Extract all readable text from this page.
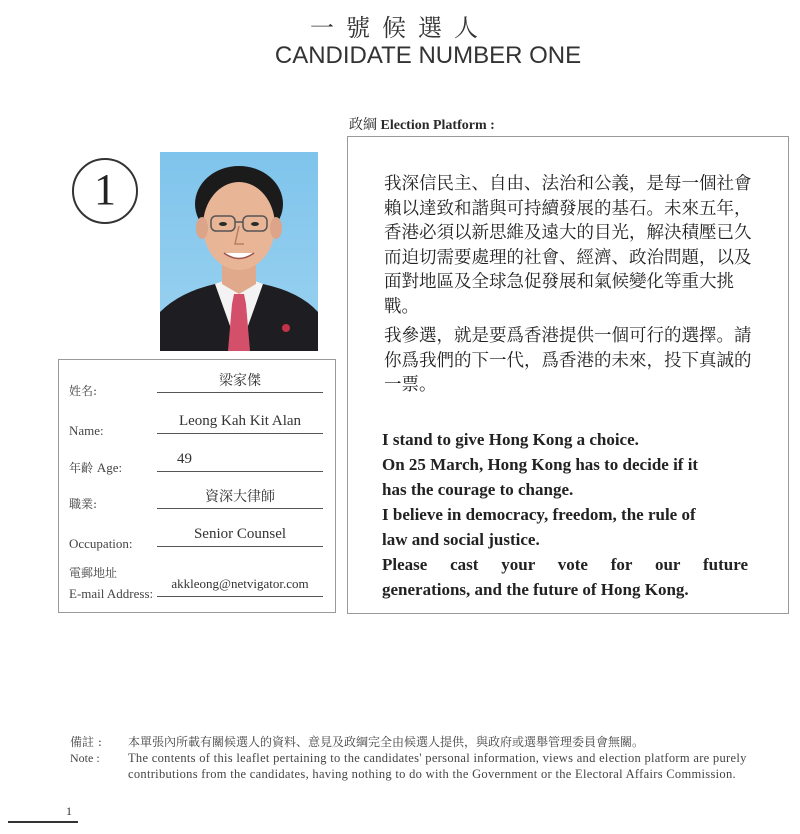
一號候選人
CANDIDATE NUMBER ONE
1
姓名:
梁家傑
Name:
Leong Kah Kit Alan
年齡 Age:
49
職業:	資深大律師
Occupation:
Senior Counsel
電郵地址
E-mail Address:
akkleong@netvigator.com
政綱 Election Platform :
我深信民主、自由、法治和公義，是每一個社會賴以達致和諧與可持續發展的基石。未來五年，香港必須以新思維及遠大的目光，解決積壓已久而迫切需要處理的社會、經濟、政治問題，以及面對地區及全球急促發展和氣候變化等重大挑戰。
我參選，就是要爲香港提供一個可行的選擇。請你爲我們的下一代，爲香港的未來，投下真誠的一票。
I stand to give Hong Kong a choice.
On 25 March, Hong Kong has to decide if it
has the courage to change.
I believe in democracy, freedom, the rule of
law and social justice.
Please cast your vote for our future
generations, and the future of Hong Kong.
備註 :
Note :
本單張內所載有關候選人的資料、意見及政綱完全由候選人提供，與政府或選舉管理委員會無關。
The contents of this leaflet pertaining to the candidates' personal information, views and election platform are purely contributions from the candidates, having nothing to do with the Government or the Electoral Affairs Commission.
1
